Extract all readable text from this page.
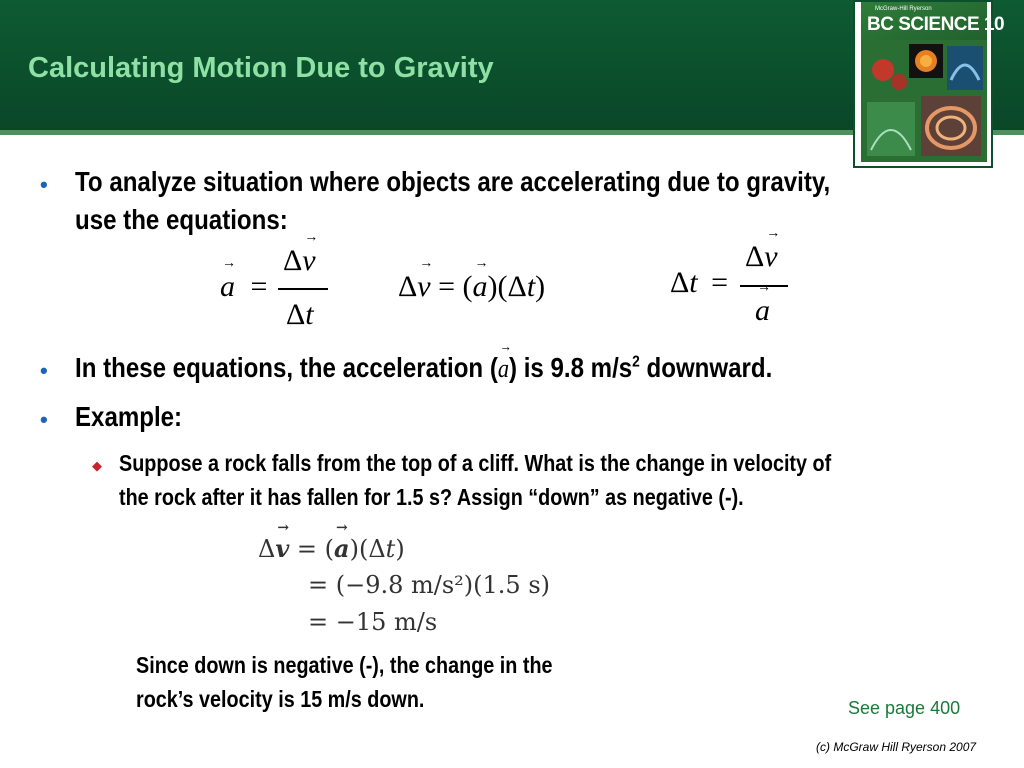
Calculating Motion Due to Gravity
McGraw-Hill Ryerson
BC SCIENCE 10
• To analyze situation where objects are accelerating due to gravity,
use the equations:
→ a =
Δ→ v
Δt
Δ→ v = (→ a)(Δt)	Δt =
Δ→ v
→ a
• In these equations, the acceleration (→ a) is 9.8 $m/s^2$ downward.
• Example:
◆ Suppose a rock falls from the top of a cliff. What is the change in velocity of
the rock after it has fallen for 1.5 s? Assign “down” as negative (-).
Δ→ v = (→ a)(Δt)
= (−9.8 m/s²)(1.5 s)
= −15 m/s
Since down is negative (-), the change in the
rock’s velocity is 15 m/s down.	See page 400
(c) McGraw Hill Ryerson 2007
